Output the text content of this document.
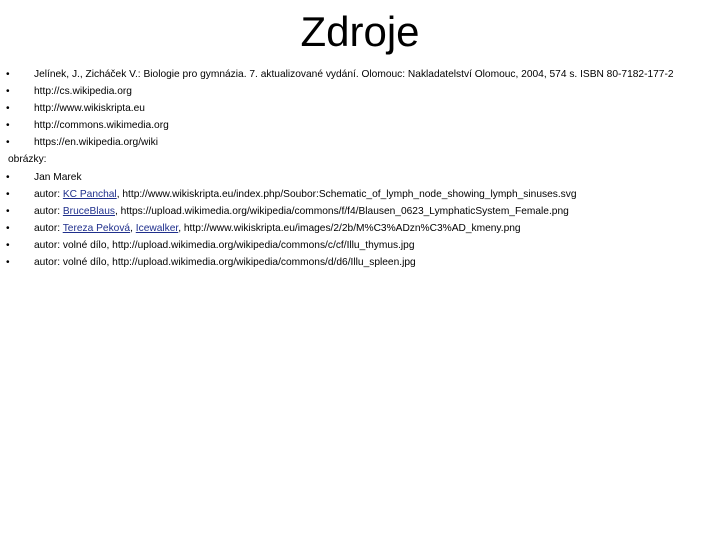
Zdroje
• Jelínek, J., Zicháček V.: Biologie pro gymnázia. 7. aktualizované vydání. Olomouc: Nakladatelství Olomouc, 2004, 574 s. ISBN 80-7182-177-2
• http://cs.wikipedia.org
• http://www.wikiskripta.eu
• http://commons.wikimedia.org
• https://en.wikipedia.org/wiki
obrázky:
• Jan Marek
• autor: KC Panchal, http://www.wikiskripta.eu/index.php/Soubor:Schematic_of_lymph_node_showing_lymph_sinuses.svg
• autor: BruceBlaus, https://upload.wikimedia.org/wikipedia/commons/f/f4/Blausen_0623_LymphaticSystem_Female.png
• autor: Tereza Peková, Icewalker, http://www.wikiskripta.eu/images/2/2b/M%C3%ADzn%C3%AD_kmeny.png
• autor: volné dílo, http://upload.wikimedia.org/wikipedia/commons/c/cf/Illu_thymus.jpg
• autor: volné dílo, http://upload.wikimedia.org/wikipedia/commons/d/d6/Illu_spleen.jpg
